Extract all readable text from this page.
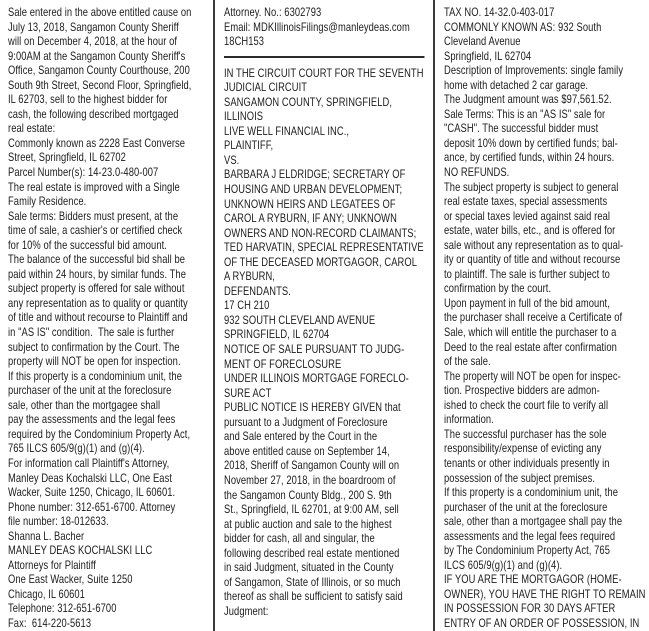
Sale entered in the above entitled cause on
July 13, 2018, Sangamon County Sheriff
will on December 4, 2018, at the hour of
9:00AM at the Sangamon County Sheriff's
Office, Sangamon County Courthouse, 200
South 9th Street, Second Floor, Springfield,
IL 62703, sell to the highest bidder for
cash, the following described mortgaged
real estate:
Commonly known as 2228 East Converse
Street, Springfield, IL 62702
Parcel Number(s): 14-23.0-480-007
The real estate is improved with a Single
Family Residence.
Sale terms: Bidders must present, at the
time of sale, a cashier's or certified check
for 10% of the successful bid amount.
The balance of the successful bid shall be
paid within 24 hours, by similar funds. The
subject property is offered for sale without
any representation as to quality or quantity
of title and without recourse to Plaintiff and
in "AS IS" condition.  The sale is further
subject to confirmation by the Court. The
property will NOT be open for inspection.
If this property is a condominium unit, the
purchaser of the unit at the foreclosure
sale, other than the mortgagee shall
pay the assessments and the legal fees
required by the Condominium Property Act,
765 ILCS 605/9(g)(1) and (g)(4).
For information call Plaintiff's Attorney,
Manley Deas Kochalski LLC, One East
Wacker, Suite 1250, Chicago, IL 60601.
Phone number: 312-651-6700. Attorney
file number: 18-012633.
Shanna L. Bacher
MANLEY DEAS KOCHALSKI LLC
Attorneys for Plaintiff
One East Wacker, Suite 1250
Chicago, IL 60601
Telephone: 312-651-6700
Fax:  614-220-5613
Attorney. No.: 6302793
Email: MDKIllinoisFilings@manleydeas.com
18CH153
IN THE CIRCUIT COURT FOR THE SEVENTH
JUDICIAL CIRCUIT
SANGAMON COUNTY, SPRINGFIELD,
ILLINOIS
LIVE WELL FINANCIAL INC.,
PLAINTIFF,
VS.
BARBARA J ELDRIDGE; SECRETARY OF
HOUSING AND URBAN DEVELOPMENT;
UNKNOWN HEIRS AND LEGATEES OF
CAROL A RYBURN, IF ANY; UNKNOWN
OWNERS AND NON-RECORD CLAIMANTS;
TED HARVATIN, SPECIAL REPRESENTATIVE
OF THE DECEASED MORTGAGOR, CAROL
A RYBURN,
DEFENDANTS.
17 CH 210
932 SOUTH CLEVELAND AVENUE
SPRINGFIELD, IL 62704
NOTICE OF SALE PURSUANT TO JUDG-
MENT OF FORECLOSURE
UNDER ILLINOIS MORTGAGE FORECLO-
SURE ACT
PUBLIC NOTICE IS HEREBY GIVEN that
pursuant to a Judgment of Foreclosure
and Sale entered by the Court in the
above entitled cause on September 14,
2018, Sheriff of Sangamon County will on
November 27, 2018, in the boardroom of
the Sangamon County Bldg., 200 S. 9th
St., Springfield, IL 62701, at 9:00 AM, sell
at public auction and sale to the highest
bidder for cash, all and singular, the
following described real estate mentioned
in said Judgment, situated in the County
of Sangamon, State of Illinois, or so much
thereof as shall be sufficient to satisfy said
Judgment:
TAX NO. 14-32.0-403-017
COMMONLY KNOWN AS: 932 South
Cleveland Avenue
Springfield, IL 62704
Description of Improvements: single family
home with detached 2 car garage.
The Judgment amount was $97,561.52.
Sale Terms: This is an "AS IS" sale for
"CASH". The successful bidder must
deposit 10% down by certified funds; bal-
ance, by certified funds, within 24 hours.
NO REFUNDS.
The subject property is subject to general
real estate taxes, special assessments
or special taxes levied against said real
estate, water bills, etc., and is offered for
sale without any representation as to qual-
ity or quantity of title and without recourse
to plaintiff. The sale is further subject to
confirmation by the court.
Upon payment in full of the bid amount,
the purchaser shall receive a Certificate of
Sale, which will entitle the purchaser to a
Deed to the real estate after confirmation
of the sale.
The property will NOT be open for inspec-
tion. Prospective bidders are admon-
ished to check the court file to verify all
information.
The successful purchaser has the sole
responsibility/expense of evicting any
tenants or other individuals presently in
possession of the subject premises.
If this property is a condominium unit, the
purchaser of the unit at the foreclosure
sale, other than a mortgagee shall pay the
assessments and the legal fees required
by The Condominium Property Act, 765
ILCS 605/9(g)(1) and (g)(4).
IF YOU ARE THE MORTGAGOR (HOME-
OWNER), YOU HAVE THE RIGHT TO REMAIN
IN POSSESSION FOR 30 DAYS AFTER
ENTRY OF AN ORDER OF POSSESSION, IN
